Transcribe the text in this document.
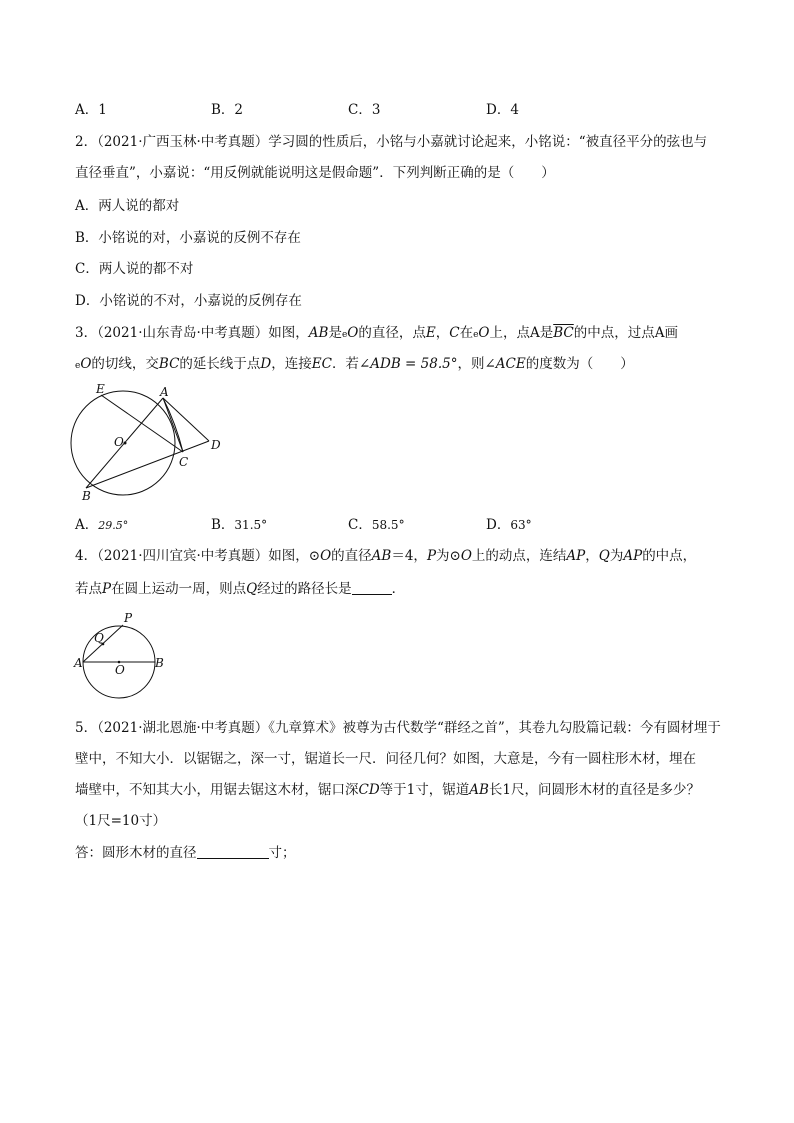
A．1	B．2	C．3	D．4
2．（2021·广西玉林·中考真题）学习圆的性质后，小铭与小嘉就讨论起来，小铭说：“被直径平分的弦也与
直径垂直”，小嘉说：“用反例就能说明这是假命题”．下列判断正确的是（　　）
A．两人说的都对
B．小铭说的对，小嘉说的反例不存在
C．两人说的都不对
D．小铭说的不对，小嘉说的反例存在
3．（2021·山东青岛·中考真题）如图，AB是eO的直径，点E，C在eO上，点A是$\overline{BC}$的中点，过点A画
eO的切线，交BC的延长线于点D，连接EC．若∠ADB = 58.5°，则∠ACE的度数为（　　）
E	A
O
C
D
B
A．29.5°	B．31.5°	C．58.5°	D．63°
4．（2021·四川宜宾·中考真题）如图，⊙O的直径AB＝4，P为⊙O上的动点，连结AP，Q为AP的中点，
若点P在圆上运动一周，则点Q经过的路径长是	．
P
Q
A	O	B
5．（2021·湖北恩施·中考真题）《九章算术》被尊为古代数学“群经之首”，其卷九勾股篇记载：今有圆材埋于
壁中，不知大小．以锯锯之，深一寸，锯道长一尺．问径几何？如图，大意是，今有一圆柱形木材，埋在
墙壁中，不知其大小，用锯去锯这木材，锯口深CD等于1寸，锯道AB长1尺，问圆形木材的直径是多少？
（1尺=10寸）
答：圆形木材的直径	寸；
